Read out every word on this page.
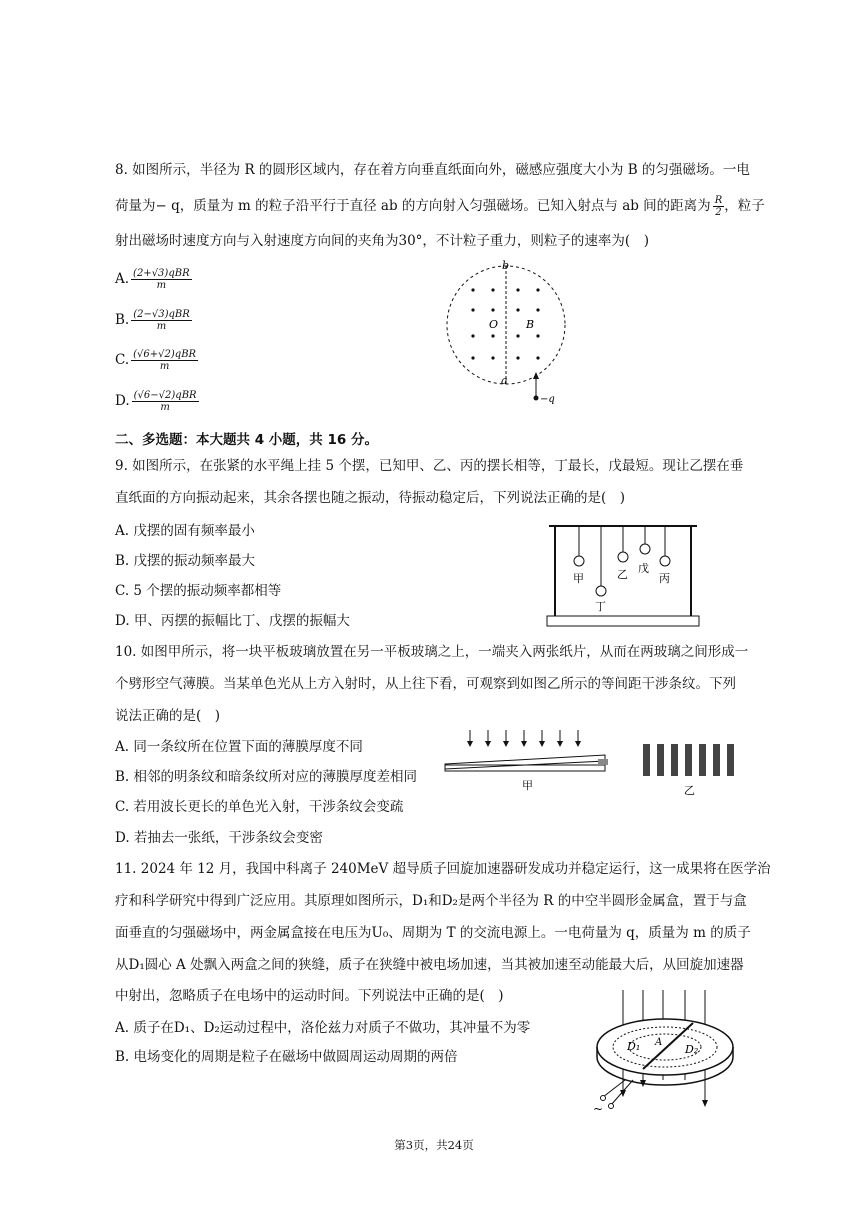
8. 如图所示，半径为 R 的圆形区域内，存在着方向垂直纸面向外，磁感应强度大小为 B 的匀强磁场。一电
荷量为− q，质量为 m 的粒子沿平行于直径 ab 的方向射入匀强磁场。已知入射点与 ab 间的距离为 $\frac{R}{2}$ ，粒子
射出磁场时速度方向与入射速度方向间的夹角为30°，不计粒子重力，则粒子的速率为(　)
A. $\frac{\text{(2+√3)qBR}}{m}$
B. $\frac{\text{(2−√3)qBR}}{m}$
C. $\frac{\text{(√6+√2)qBR}}{m}$
D. $\frac{\text{(√6−√2)qBR}}{m}$
b
a
O	B
−q
二、多选题：本大题共 4 小题，共 16 分。
9. 如图所示，在张紧的水平绳上挂 5 个摆，已知甲、乙、丙的摆长相等，丁最长，戊最短。现让乙摆在垂
直纸面的方向振动起来，其余各摆也随之振动，待振动稳定后，下列说法正确的是(　)
A. 戊摆的固有频率最小
B. 戊摆的振动频率最大
C. 5 个摆的振动频率都相等
D. 甲、丙摆的振幅比丁、戊摆的振幅大
甲
丁
乙 戊
丙
10. 如图甲所示，将一块平板玻璃放置在另一平板玻璃之上，一端夹入两张纸片，从而在两玻璃之间形成一
个劈形空气薄膜。当某单色光从上方入射时，从上往下看，可观察到如图乙所示的等间距干涉条纹。下列
说法正确的是(　)
A. 同一条纹所在位置下面的薄膜厚度不同
B. 相邻的明条纹和暗条纹所对应的薄膜厚度差相同
C. 若用波长更长的单色光入射，干涉条纹会变疏
D. 若抽去一张纸，干涉条纹会变密
甲	乙
11. 2024 年 12 月，我国中科离子 240MeV 超导质子回旋加速器研发成功并稳定运行，这一成果将在医学治
疗和科学研究中得到广泛应用。其原理如图所示，D₁和D₂是两个半径为 R 的中空半圆形金属盒，置于与盒
面垂直的匀强磁场中，两金属盒接在电压为U₀、周期为 T 的交流电源上。一电荷量为 q，质量为 m 的质子
从D₁圆心 A 处飘入两盒之间的狭缝，质子在狭缝中被电场加速，当其被加速至动能最大后，从回旋加速器
中射出，忽略质子在电场中的运动时间。下列说法中正确的是(　)
A. 质子在D₁、D₂运动过程中，洛伦兹力对质子不做功，其冲量不为零
B. 电场变化的周期是粒子在磁场中做圆周运动周期的两倍
D₁ A
D₂
~
第3页，共24页
